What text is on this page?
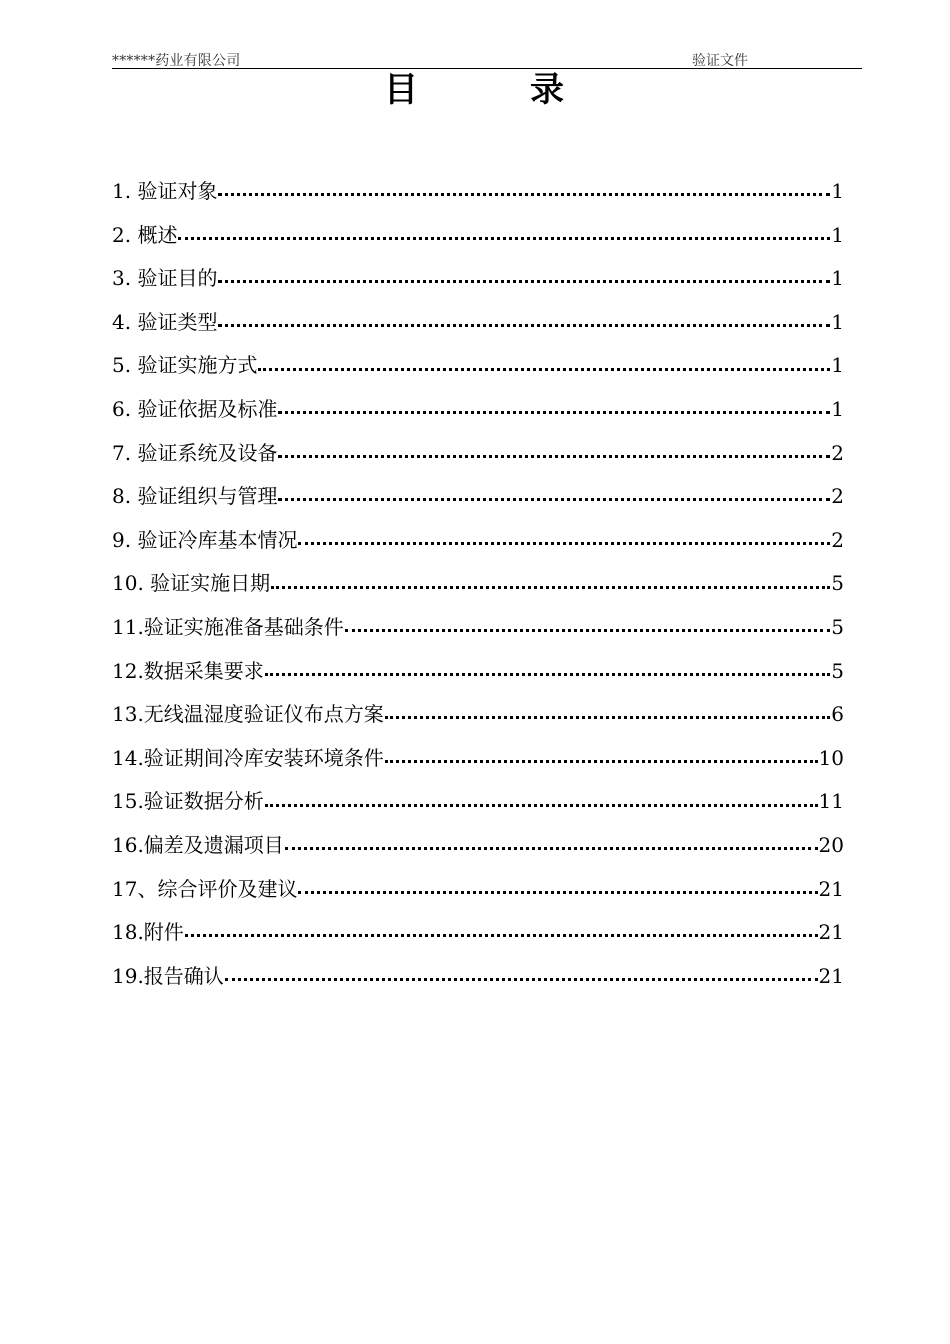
******药业有限公司	验证文件
目	录
1. 验证对象	1
2. 概述	1
3. 验证目的	1
4. 验证类型	1
5. 验证实施方式	1
6. 验证依据及标准	1
7. 验证系统及设备	2
8. 验证组织与管理	2
9. 验证冷库基本情况	2
10. 验证实施日期	5
11.验证实施准备基础条件	5
12.数据采集要求	5
13.无线温湿度验证仪布点方案	6
14.验证期间冷库安装环境条件	10
15.验证数据分析	11
16.偏差及遗漏项目	20
17、综合评价及建议	21
18.附件	21
19.报告确认	21
